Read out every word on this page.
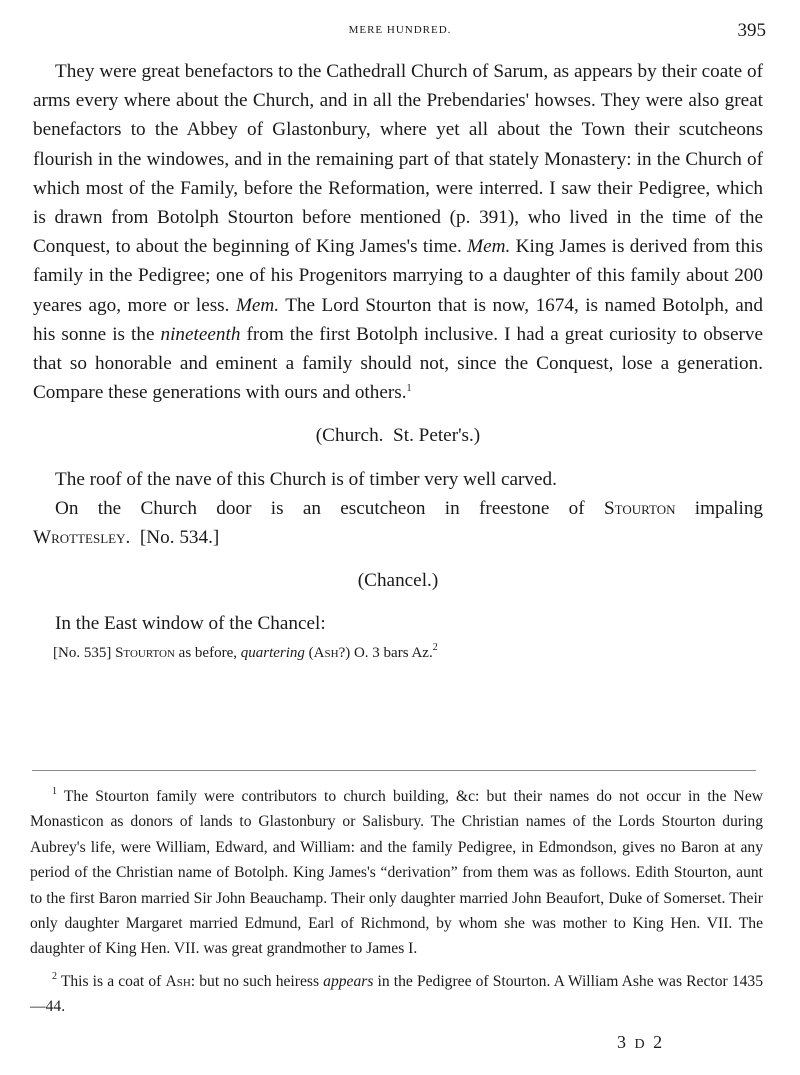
MERE HUNDRED.	395

They were great benefactors to the Cathedrall Church of Sarum, as appears by their coate of arms every where about the Church, and in all the Prebendaries' howses. They were also great benefactors to the Abbey of Glastonbury, where yet all about the Town their scutcheons flourish in the windowes, and in the remaining part of that stately Monastery: in the Church of which most of the Family, before the Reformation, were interred. I saw their Pedigree, which is drawn from Botolph Stourton before mentioned (p. 391), who lived in the time of the Conquest, to about the beginning of King James's time. Mem. King James is derived from this family in the Pedigree; one of his Progenitors marrying to a daughter of this family about 200 yeares ago, more or less. Mem. The Lord Stourton that is now, 1674, is named Botolph, and his sonne is the nineteenth from the first Botolph inclusive. I had a great curiosity to observe that so honorable and eminent a family should not, since the Conquest, lose a generation. Compare these generations with ours and others.$^1$

(Church.  St. Peter's.)

The roof of the nave of this Church is of timber very well carved.

On the Church door is an escutcheon in freestone of Stourton impaling Wrottesley.  [No. 534.]

(Chancel.)

In the East window of the Chancel:

[No. 535] Stourton as before, quartering (Ash?) O. 3 bars Az.$^2$

$^1$ The Stourton family were contributors to church building, &c: but their names do not occur in the New Monasticon as donors of lands to Glastonbury or Salisbury. The Christian names of the Lords Stourton during Aubrey's life, were William, Edward, and William: and the family Pedigree, in Edmondson, gives no Baron at any period of the Christian name of Botolph. King James's “derivation” from them was as follows. Edith Stourton, aunt to the first Baron married Sir John Beauchamp. Their only daughter married John Beaufort, Duke of Somerset. Their only daughter Margaret married Edmund, Earl of Richmond, by whom she was mother to King Hen. VII. The daughter of King Hen. VII. was great grandmother to James I.

$^2$ This is a coat of Ash: but no such heiress appears in the Pedigree of Stourton. A William Ashe was Rector 1435—44.

3 D 2
